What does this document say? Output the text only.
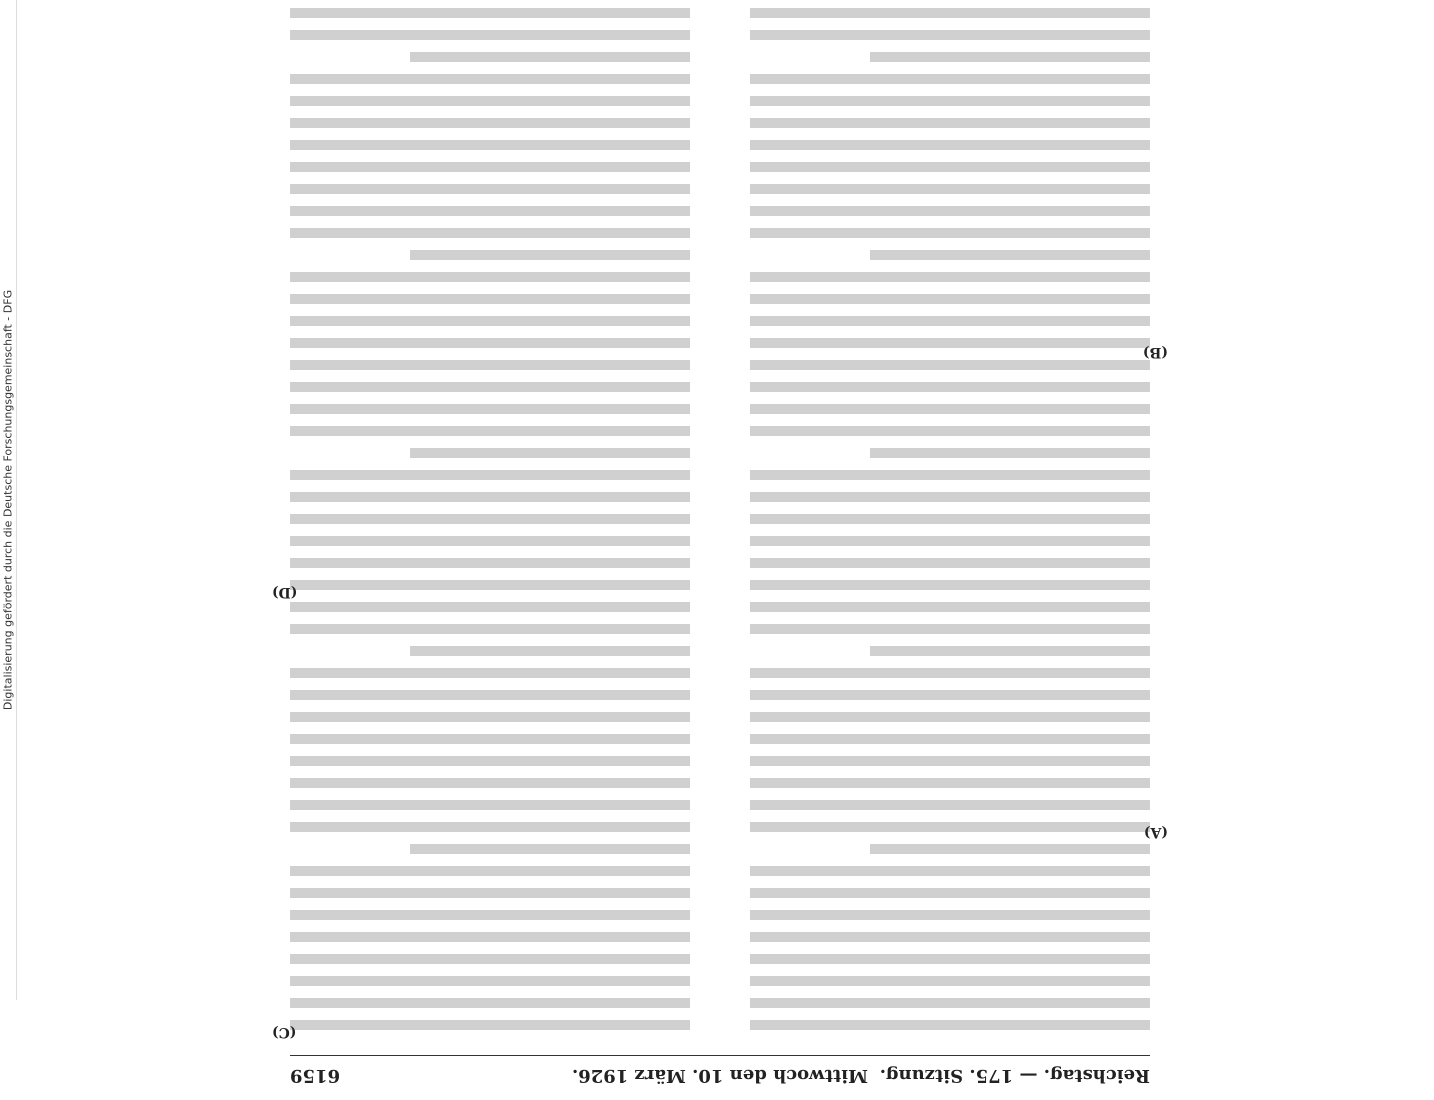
Digitalisierung gefördert durch die Deutsche Forschungsgemeinschaft - DFG
Reichstag. — 175. Sitzung.
Mittwoch den 10. März 1926.
6159
(A)
(B)
(C)
(D)
